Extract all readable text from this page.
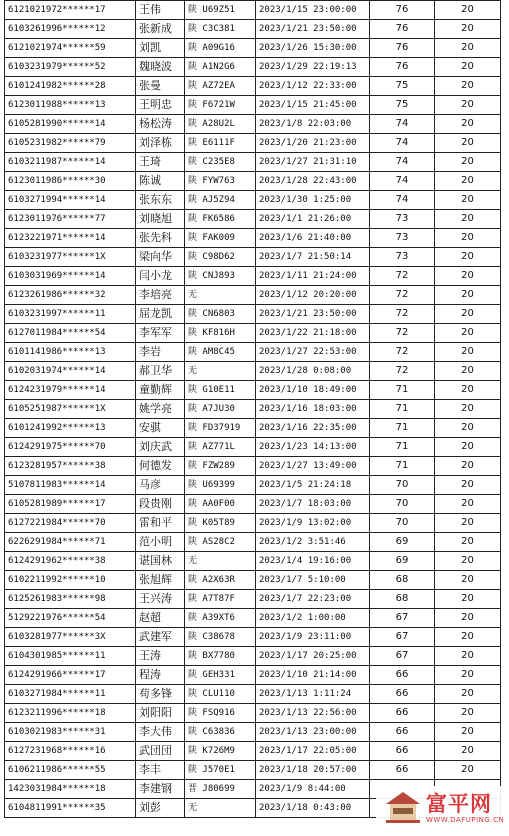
6121021972******17	王伟	陕 U69Z51	2023/1/15 23:00:00	76	20
6103261996******12	张新成	陕 C3C381	2023/1/21 23:50:00	76	20
6121021974******59	刘凯	陕 A09G16	2023/1/26 15:30:00	76	20
6103231979******52	魏晓波	陕 A1N2G6	2023/1/29 22:19:13	76	20
6101241982******28	张曼	陕 AZ72EA	2023/1/12 22:33:00	75	20
6123011988******13	王明忠	陕 F6721W	2023/1/15 21:45:00	75	20
6105281990******14	杨松涛	陕 A28U2L	2023/1/8 22:03:00	74	20
6105231982******79	刘泽栋	陕 E6111F	2023/1/20 21:23:00	74	20
6103211987******14	王琦	陕 C235E8	2023/1/27 21:31:10	74	20
6123011986******30	陈诚	陕 FYW763	2023/1/28 22:43:00	74	20
6103271994******14	张东东	陕 AJ5Z94	2023/1/30 1:25:00	74	20
6123011976******77	刘晓旭	陕 FK6586	2023/1/1 21:26:00	73	20
6123221971******14	张先科	陕 FAK009	2023/1/6 21:40:00	73	20
6103231977******1X	梁向华	陕 C98D62	2023/1/7 21:50:14	73	20
6103031969******14	闫小龙	陕 CNJ893	2023/1/11 21:24:00	72	20
6123261986******32	李培亮	无	2023/1/12 20:20:00	72	20
6103231997******11	屈龙凯	陕 CN6803	2023/1/21 23:50:00	72	20
6127011984******54	李军军	陕 KF816H	2023/1/22 21:18:00	72	20
6101141986******13	李岩	陕 AM8C45	2023/1/27 22:53:00	72	20
6102031974******14	郝卫华	无	2023/1/28 0:08:00	72	20
6124231979******14	童勤辉	陕 G10E11	2023/1/10 18:49:00	71	20
6105251987******1X	姚学亮	陕 A7JU30	2023/1/16 18:03:00	71	20
6101241992******13	安骐	陕 FD37919	2023/1/16 22:35:00	71	20
6124291975******70	刘庆武	陕 AZ771L	2023/1/23 14:13:00	71	20
6123281957******38	何德发	陕 FZW289	2023/1/27 13:49:00	71	20
5107811983******14	马彦	陕 U69399	2023/1/5 21:24:18	70	20
6105281989******17	段贵刚	陕 AA0F00	2023/1/7 18:03:00	70	20
6127221984******70	雷和平	陕 K05T89	2023/1/9 13:02:00	70	20
6226291984******71	范小明	陕 AS28C2	2023/1/2 3:51:46	69	20
6124291962******38	谌国林	无	2023/1/4 19:16:00	69	20
6102211992******10	张旭辉	陕 A2X63R	2023/1/7 5:10:00	68	20
6125261983******98	王兴涛	陕 A7T87F	2023/1/7 22:23:00	68	20
5129221976******54	赵超	陕 A39XT6	2023/1/2 1:00:00	67	20
6103281977******3X	武建军	陕 C38678	2023/1/9 23:11:00	67	20
6104301985******11	王涛	陕 BX7780	2023/1/17 20:25:00	67	20
6124291966******17	程涛	陕 GEH331	2023/1/10 21:14:00	66	20
6103271984******11	苟多锋	陕 CLU110	2023/1/13 1:11:24	66	20
6123211996******18	刘阳阳	陕 FSQ916	2023/1/13 22:56:00	66	20
6103021983******31	李大伟	陕 C63836	2023/1/13 23:00:00	66	20
6127231968******16	武団団	陕 K726M9	2023/1/17 22:05:00	66	20
6106211986******55	李丰	陕 J570E1	2023/1/18 20:57:00	66	20
1423031984******18	李建钢	晋 J80699	2023/1/9 8:44:00		
6104811991******35	刘彭	无	2023/1/18 0:43:00			富平网
WWW.DAFUPING.CN
